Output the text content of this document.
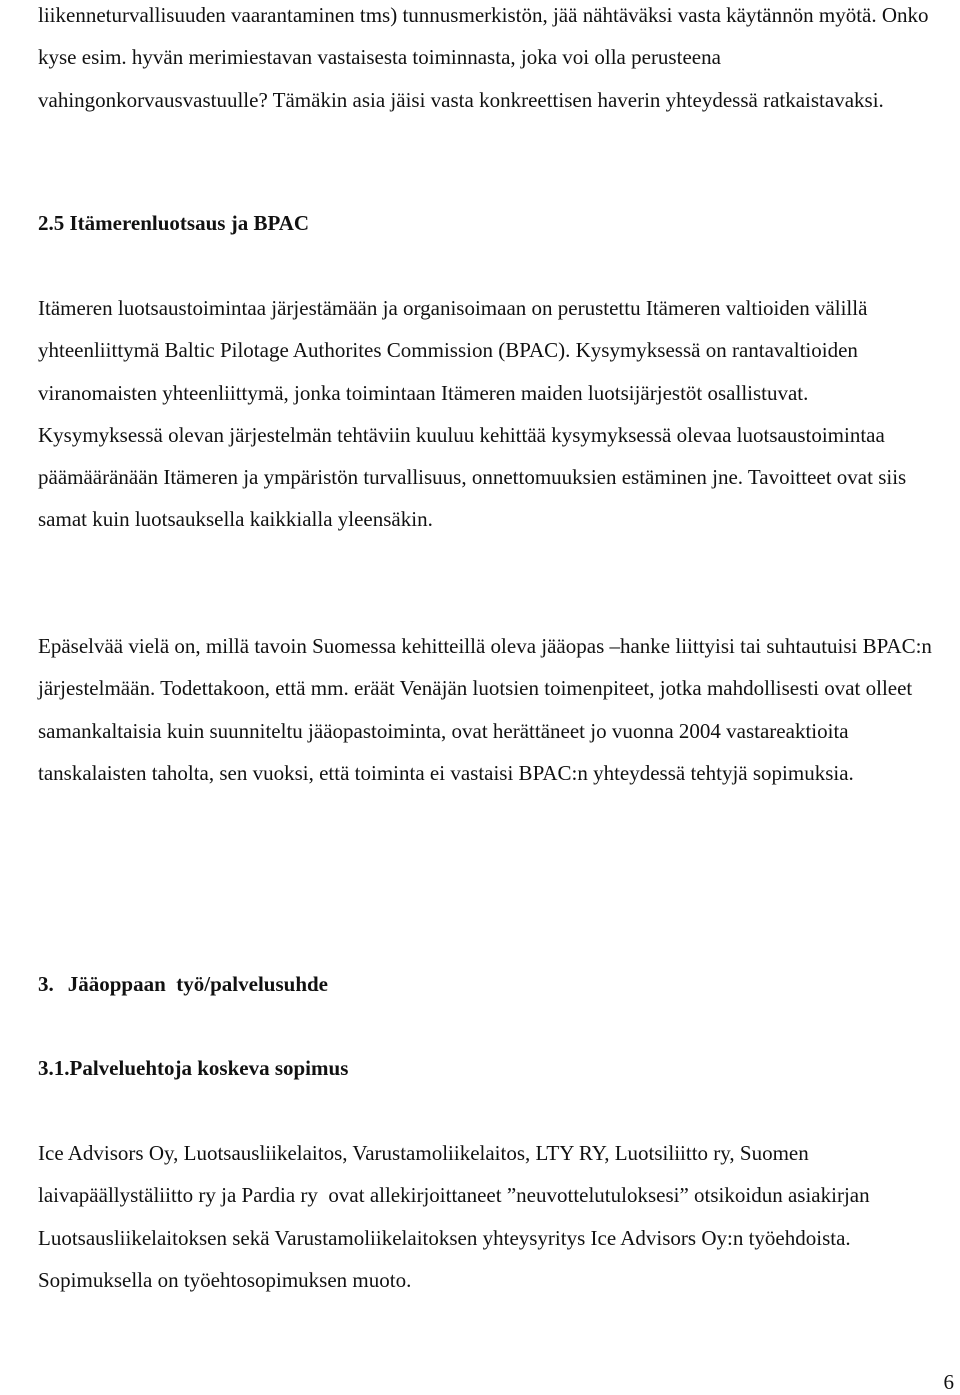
liikenneturvallisuuden vaarantaminen tms) tunnusmerkistön, jää nähtäväksi vasta käytännön myötä. Onko kyse esim. hyvän merimiestavan vastaisesta toiminnasta, joka voi olla perusteena vahingonkorvausvastuulle? Tämäkin asia jäisi vasta konkreettisen haverin yhteydessä ratkaistavaksi.

2.5 Itämerenluotsaus ja BPAC

Itämeren luotsaustoimintaa järjestämään ja organisoimaan on perustettu Itämeren valtioiden välillä yhteenliittymä Baltic Pilotage Authorites Commission (BPAC). Kysymyksessä on rantavaltioiden viranomaisten yhteenliittymä, jonka toimintaan Itämeren maiden luotsijärjestöt osallistuvat. Kysymyksessä olevan järjestelmän tehtäviin kuuluu kehittää kysymyksessä olevaa luotsaustoimintaa päämääränään Itämeren ja ympäristön turvallisuus, onnettomuuksien estäminen jne. Tavoitteet ovat siis samat kuin luotsauksella kaikkialla yleensäkin.

Epäselvää vielä on, millä tavoin Suomessa kehitteillä oleva jääopas –hanke liittyisi tai suhtautuisi BPAC:n järjestelmään. Todettakoon, että mm. eräät Venäjän luotsien toimenpiteet, jotka mahdollisesti ovat olleet samankaltaisia kuin suunniteltu jääopastoiminta, ovat herättäneet jo vuonna 2004 vastareaktioita tanskalaisten taholta, sen vuoksi, että toiminta ei vastaisi BPAC:n yhteydessä tehtyjä sopimuksia.

3. Jääoppaan  työ/palvelusuhde
3.1.Palveluehtoja koskeva sopimus

Ice Advisors Oy, Luotsausliikelaitos, Varustamoliikelaitos, LTY RY, Luotsiliitto ry, Suomen laivapäällystäliitto ry ja Pardia ry  ovat allekirjoittaneet ”neuvottelutuloksesi” otsikoidun asiakirjan Luotsausliikelaitoksen sekä Varustamoliikelaitoksen yhteysyritys Ice Advisors Oy:n työehdoista. Sopimuksella on työehtosopimuksen muoto.

6
